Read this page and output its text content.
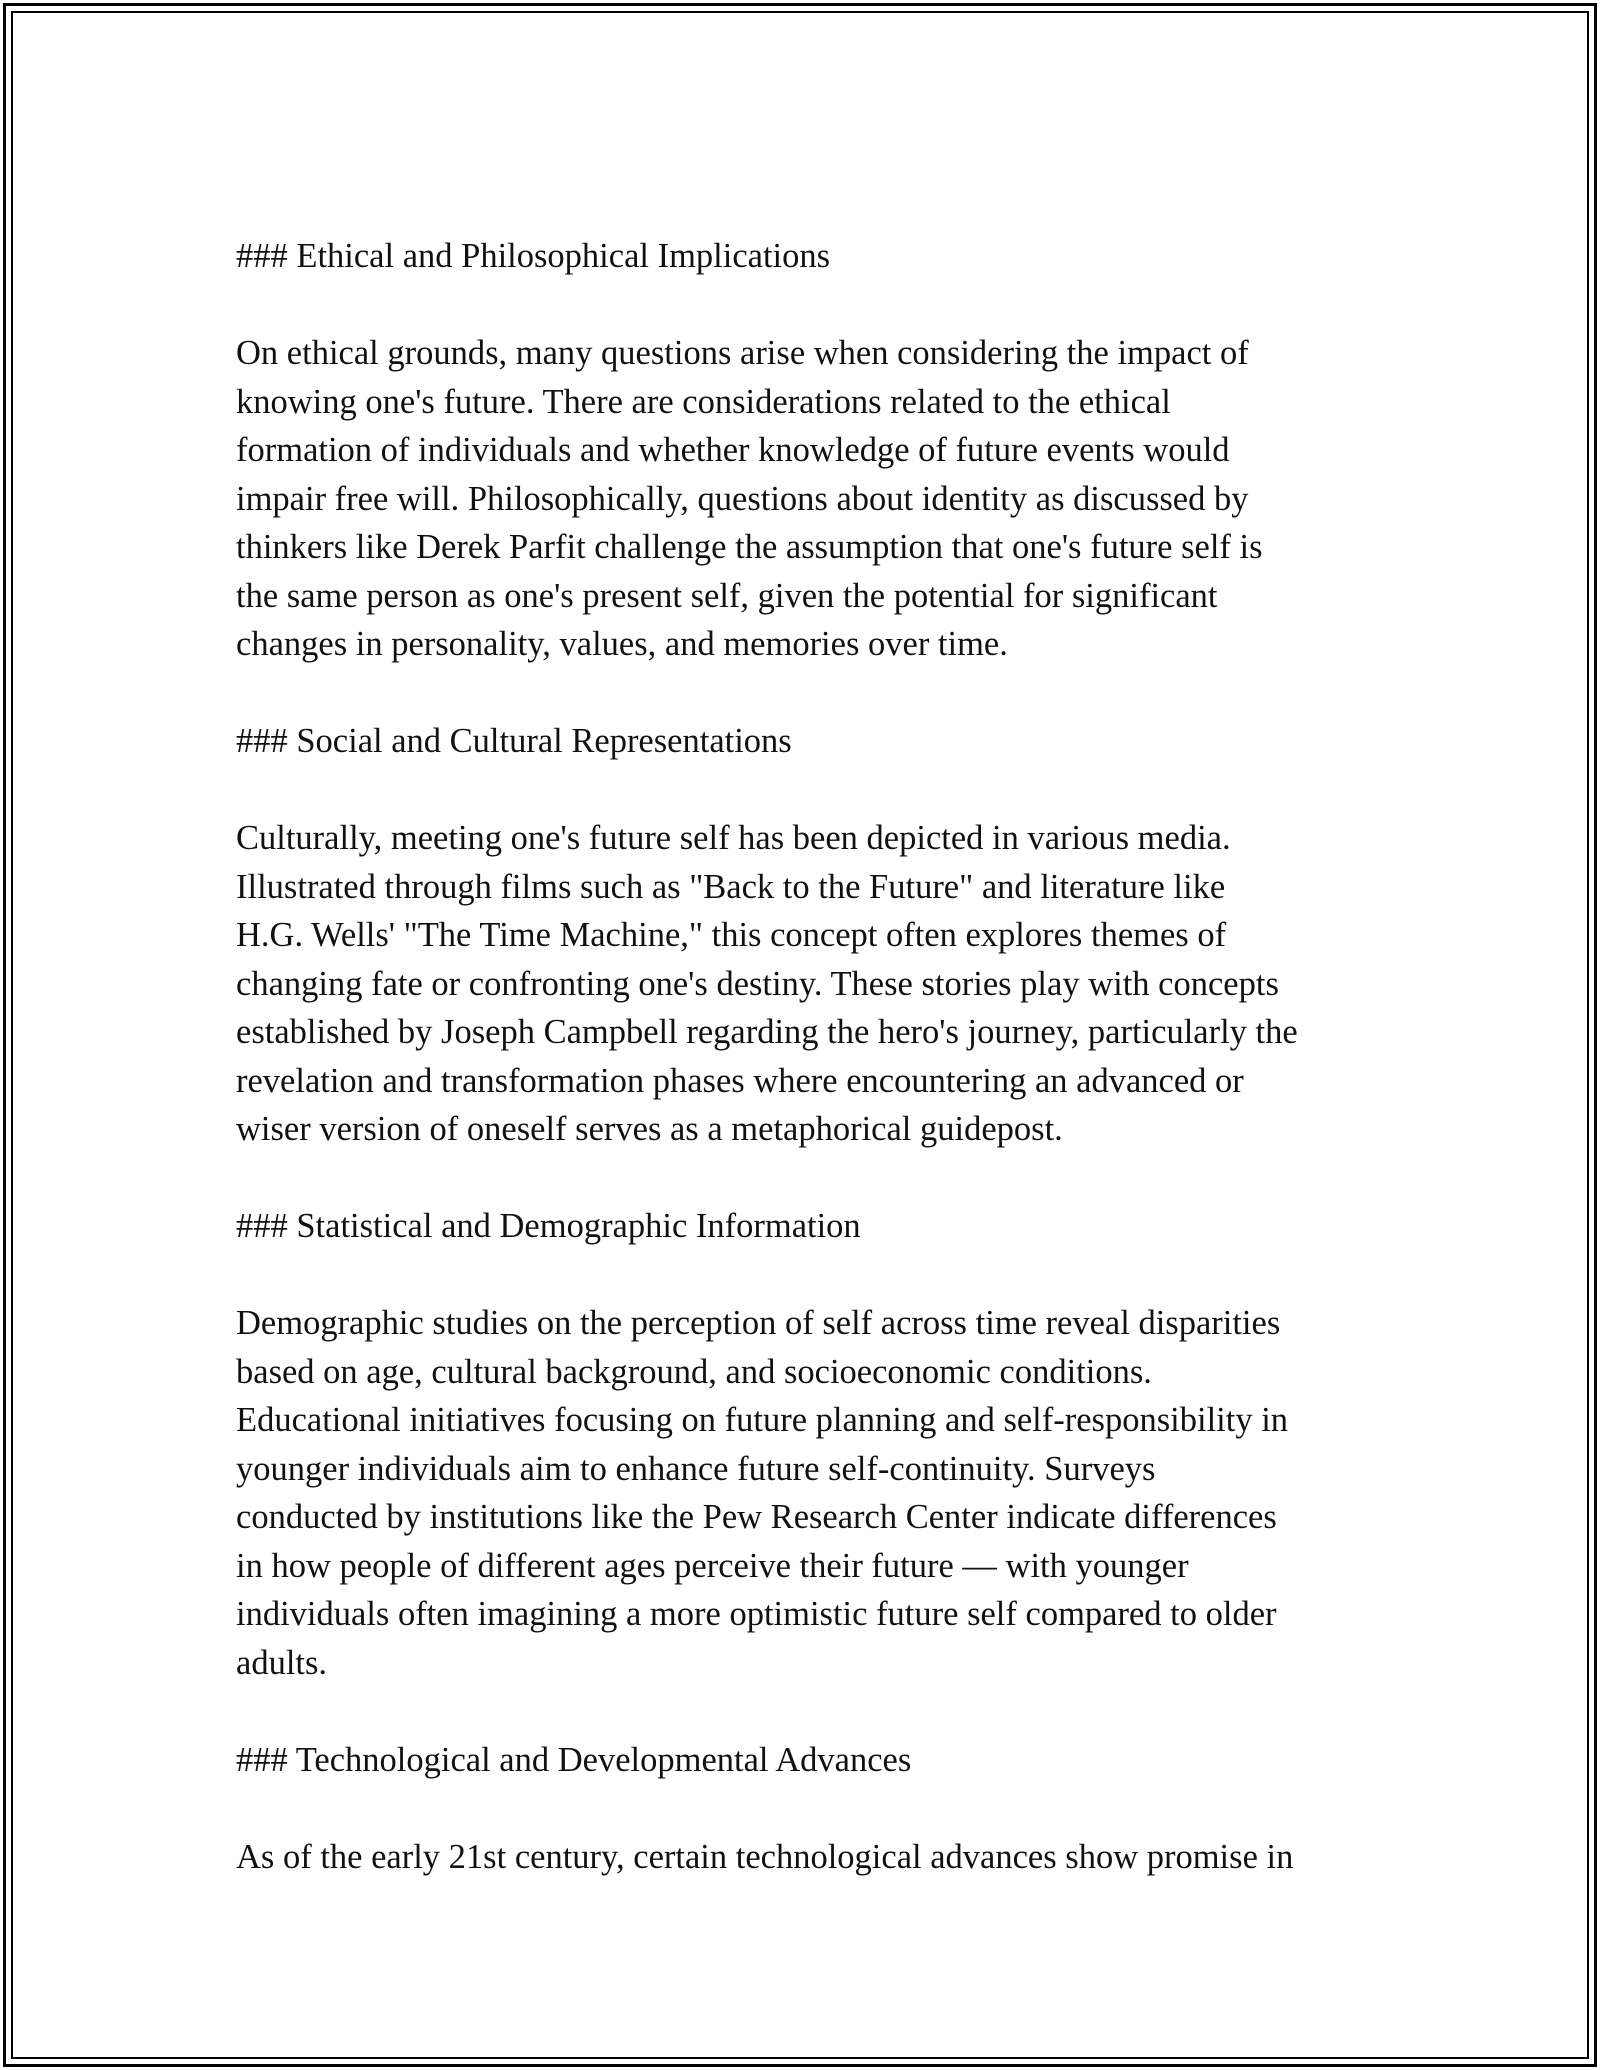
### Ethical and Philosophical Implications

On ethical grounds, many questions arise when considering the impact of
knowing one's future. There are considerations related to the ethical
formation of individuals and whether knowledge of future events would
impair free will. Philosophically, questions about identity as discussed by
thinkers like Derek Parfit challenge the assumption that one's future self is
the same person as one's present self, given the potential for significant
changes in personality, values, and memories over time.

### Social and Cultural Representations

Culturally, meeting one's future self has been depicted in various media.
Illustrated through films such as "Back to the Future" and literature like
H.G. Wells' "The Time Machine," this concept often explores themes of
changing fate or confronting one's destiny. These stories play with concepts
established by Joseph Campbell regarding the hero's journey, particularly the
revelation and transformation phases where encountering an advanced or
wiser version of oneself serves as a metaphorical guidepost.

### Statistical and Demographic Information

Demographic studies on the perception of self across time reveal disparities
based on age, cultural background, and socioeconomic conditions.
Educational initiatives focusing on future planning and self-responsibility in
younger individuals aim to enhance future self-continuity. Surveys
conducted by institutions like the Pew Research Center indicate differences
in how people of different ages perceive their future — with younger
individuals often imagining a more optimistic future self compared to older
adults.

### Technological and Developmental Advances

As of the early 21st century, certain technological advances show promise in
